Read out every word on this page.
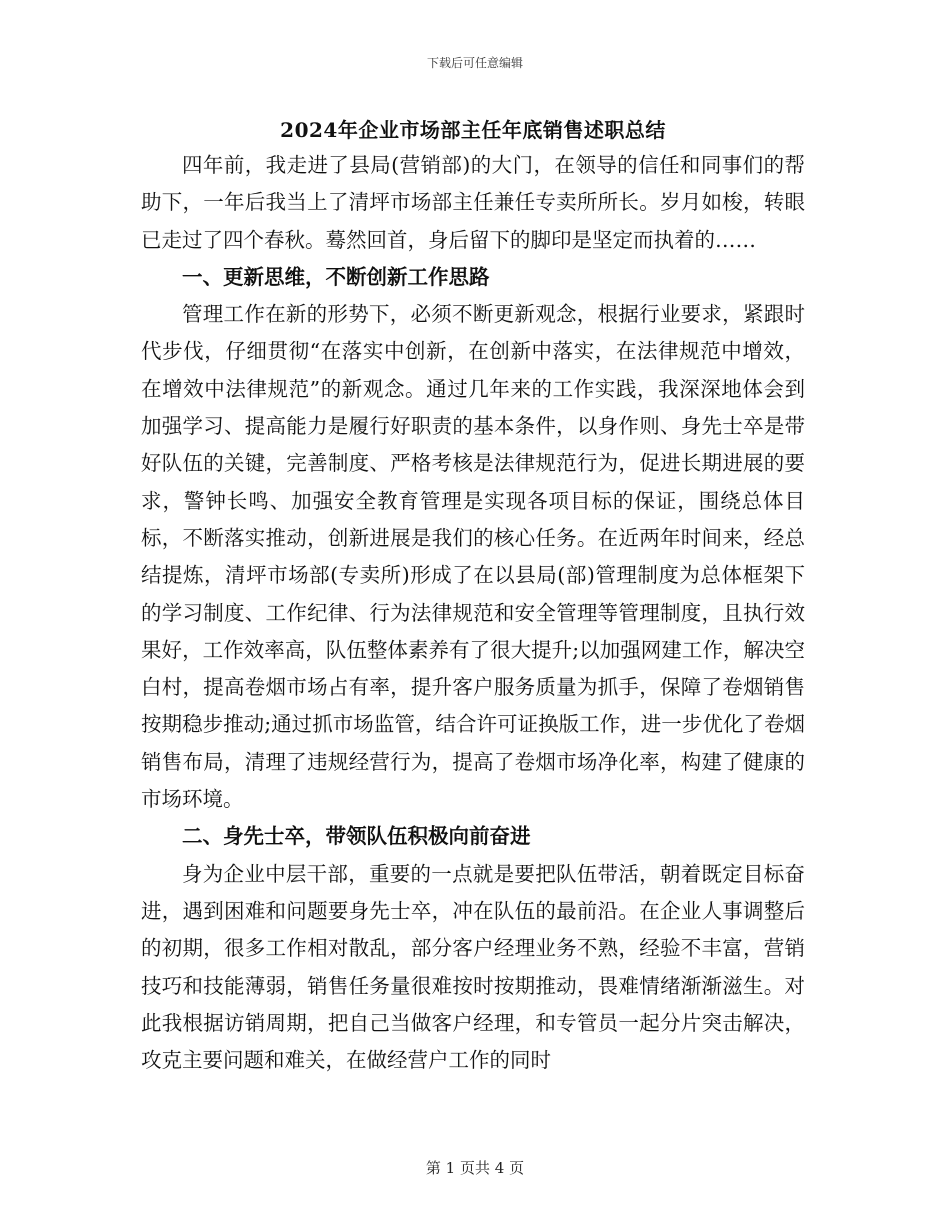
下载后可任意编辑
2024年企业市场部主任年底销售述职总结

四年前，我走进了县局(营销部)的大门，在领导的信任和同事们的帮助下，一年后我当上了清坪市场部主任兼任专卖所所长。岁月如梭，转眼已走过了四个春秋。蓦然回首，身后留下的脚印是坚定而执着的……

一、更新思维，不断创新工作思路

管理工作在新的形势下，必须不断更新观念，根据行业要求，紧跟时代步伐，仔细贯彻“在落实中创新，在创新中落实，在法律规范中增效，在增效中法律规范”的新观念。通过几年来的工作实践，我深深地体会到加强学习、提高能力是履行好职责的基本条件，以身作则、身先士卒是带好队伍的关键，完善制度、严格考核是法律规范行为，促进长期进展的要求，警钟长鸣、加强安全教育管理是实现各项目标的保证，围绕总体目标，不断落实推动，创新进展是我们的核心任务。在近两年时间来，经总结提炼，清坪市场部(专卖所)形成了在以县局(部)管理制度为总体框架下的学习制度、工作纪律、行为法律规范和安全管理等管理制度，且执行效果好，工作效率高，队伍整体素养有了很大提升;以加强网建工作，解决空白村，提高卷烟市场占有率，提升客户服务质量为抓手，保障了卷烟销售按期稳步推动;通过抓市场监管，结合许可证换版工作，进一步优化了卷烟销售布局，清理了违规经营行为，提高了卷烟市场净化率，构建了健康的市场环境。

二、身先士卒，带领队伍积极向前奋进

身为企业中层干部，重要的一点就是要把队伍带活，朝着既定目标奋进，遇到困难和问题要身先士卒，冲在队伍的最前沿。在企业人事调整后的初期，很多工作相对散乱，部分客户经理业务不熟，经验不丰富，营销技巧和技能薄弱，销售任务量很难按时按期推动，畏难情绪渐渐滋生。对此我根据访销周期，把自己当做客户经理，和专管员一起分片突击解决，攻克主要问题和难关，在做经营户工作的同时

第 1 页共 4 页
